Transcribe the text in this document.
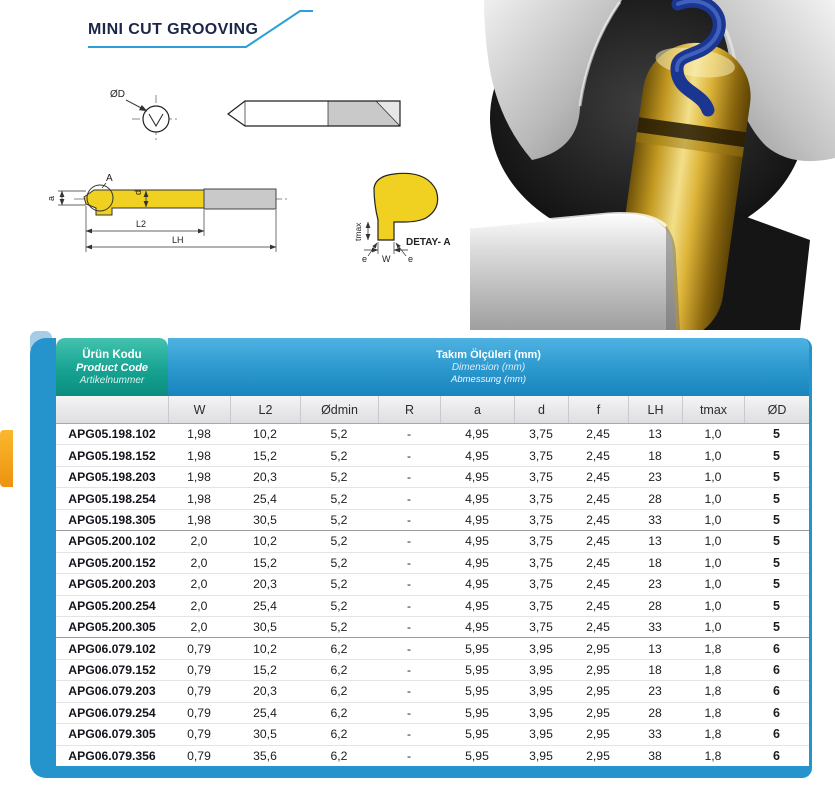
MINI CUT GROOVING
ØD
A
a
d
L2
LH	tmax
W
e	e
DETAY- A
Ürün Kodu
Product Code
Artikelnummer
Takım Ölçüleri (mm)
Dimension (mm)
Abmessung (mm)
W	L2	Ødmin	R	a	d	f	LH	tmax	ØD
APG05.198.102	1,98	10,2	5,2	-	4,95	3,75	2,45	13	1,0	5
APG05.198.152	1,98	15,2	5,2	-	4,95	3,75	2,45	18	1,0	5
APG05.198.203	1,98	20,3	5,2	-	4,95	3,75	2,45	23	1,0	5
APG05.198.254	1,98	25,4	5,2	-	4,95	3,75	2,45	28	1,0	5
APG05.198.305	1,98	30,5	5,2	-	4,95	3,75	2,45	33	1,0	5
APG05.200.102	2,0	10,2	5,2	-	4,95	3,75	2,45	13	1,0	5
APG05.200.152	2,0	15,2	5,2	-	4,95	3,75	2,45	18	1,0	5
APG05.200.203	2,0	20,3	5,2	-	4,95	3,75	2,45	23	1,0	5
APG05.200.254	2,0	25,4	5,2	-	4,95	3,75	2,45	28	1,0	5
APG05.200.305	2,0	30,5	5,2	-	4,95	3,75	2,45	33	1,0	5
APG06.079.102	0,79	10,2	6,2	-	5,95	3,95	2,95	13	1,8	6
APG06.079.152	0,79	15,2	6,2	-	5,95	3,95	2,95	18	1,8	6
APG06.079.203	0,79	20,3	6,2	-	5,95	3,95	2,95	23	1,8	6
APG06.079.254	0,79	25,4	6,2	-	5,95	3,95	2,95	28	1,8	6
APG06.079.305	0,79	30,5	6,2	-	5,95	3,95	2,95	33	1,8	6
APG06.079.356	0,79	35,6	6,2	-	5,95	3,95	2,95	38	1,8	6
